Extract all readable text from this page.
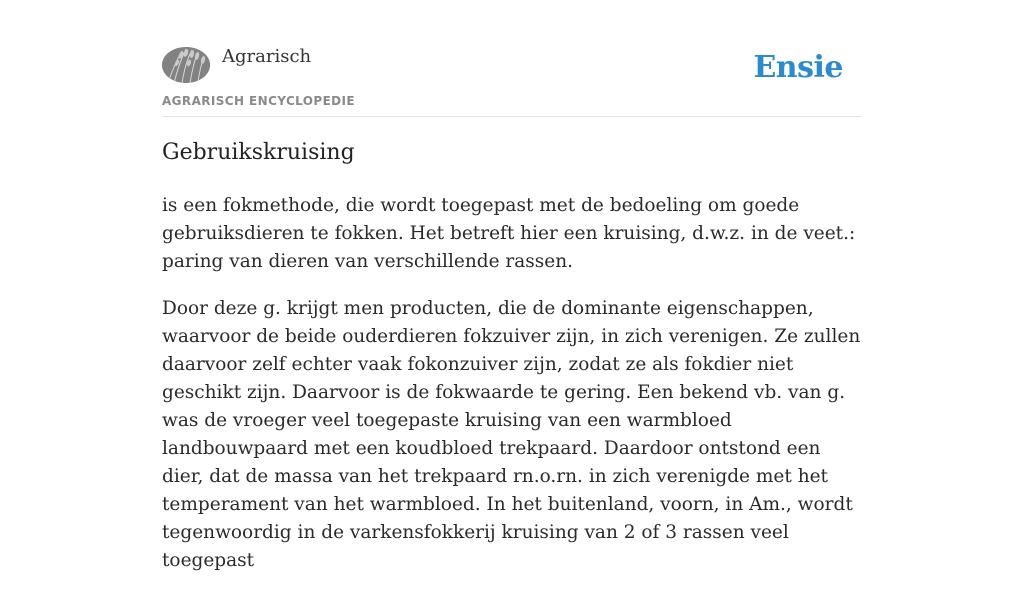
Agrarisch
AGRARISCH ENCYCLOPEDIE
Ensie
Gebruikskruising

is een fokmethode, die wordt toegepast met de bedoeling om goede gebruiksdieren te fokken. Het betreft hier een kruising, d.w.z. in de veet.: paring van dieren van verschillende rassen.

Door deze g. krijgt men producten, die de dominante eigenschappen, waarvoor de beide ouderdieren fokzuiver zijn, in zich verenigen. Ze zullen daarvoor zelf echter vaak fokonzuiver zijn, zodat ze als fokdier niet geschikt zijn. Daarvoor is de fokwaarde te gering. Een bekend vb. van g. was de vroeger veel toegepaste kruising van een warmbloed landbouwpaard met een koudbloed trekpaard. Daardoor ontstond een dier, dat de massa van het trekpaard rn.o.rn. in zich verenigde met het temperament van het warmbloed. In het buitenland, voorn, in Am., wordt tegenwoordig in de varkensfokkerij kruising van 2 of 3 rassen veel toegepast
